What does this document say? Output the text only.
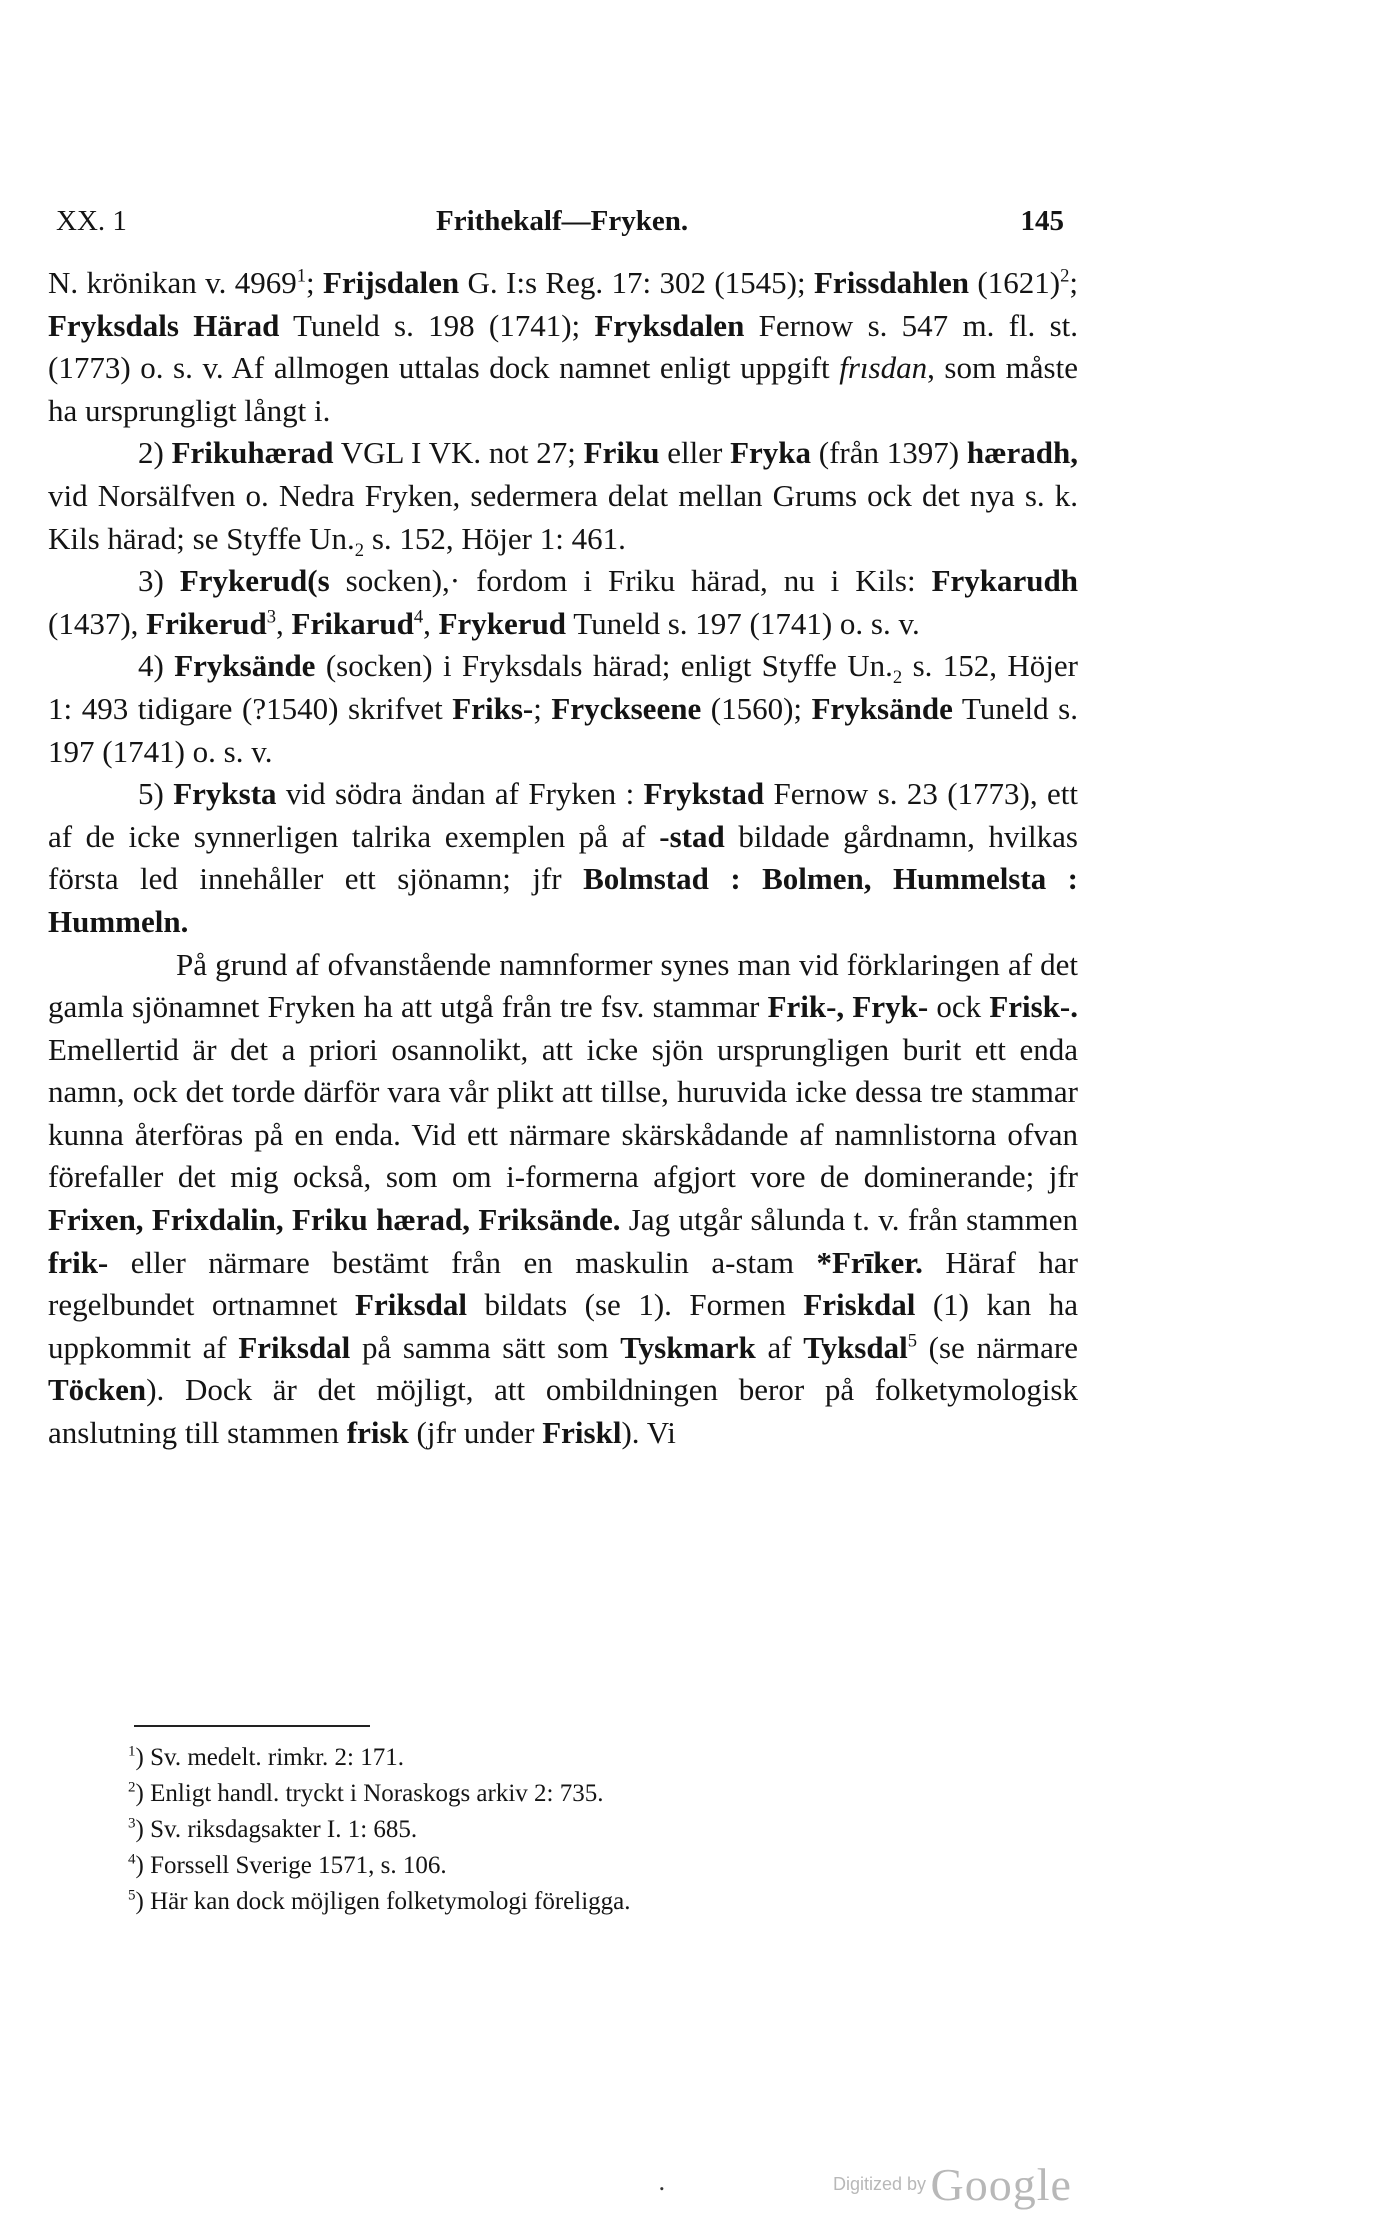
XX. 1	Frithekalf—Fryken.	145

N. krönikan v. 4969$^1$; Frijsdalen G. I:s Reg. 17: 302 (1545); Frissdahlen $(1621)^2$; Fryksdals Härad Tuneld s. 198 (1741); Fryksdalen Fernow s. 547 m. fl. st. (1773) o. s. v. Af allmogen uttalas dock namnet enligt uppgift frısdan, som måste ha ursprungligt långt i.

2) Frikuhærad VGL I VK. not 27; Friku eller Fryka (från 1397) hæradh, vid Norsälfven o. Nedra Fryken, sedermera delat mellan Grums ock det nya s. k. Kils härad; se Styffe $Un._2$ s. 152, Höjer 1: 461.

3) Frykerud(s socken),· fordom i Friku härad, nu i Kils: Frykarudh (1437), Frikerud$^3$, Frikarud$^4$, Frykerud Tuneld s. 197 (1741) o. s. v.

4) Fryksände (socken) i Fryksdals härad; enligt Styffe $Un._2$ s. 152, Höjer 1: 493 tidigare (?1540) skrifvet Friks-; Fryckseene (1560); Fryksände Tuneld s. 197 (1741) o. s. v.

5) Fryksta vid södra ändan af Fryken : Frykstad Fernow s. 23 (1773), ett af de icke synnerligen talrika exemplen på af -stad bildade gårdnamn, hvilkas första led innehåller ett sjönamn; jfr Bolmstad : Bolmen, Hummelsta : Hummeln.

På grund af ofvanstående namnformer synes man vid förklaringen af det gamla sjönamnet Fryken ha att utgå från tre fsv. stammar Frik-, Fryk- ock Frisk-. Emellertid är det a priori osannolikt, att icke sjön ursprungligen burit ett enda namn, ock det torde därför vara vår plikt att tillse, huruvida icke dessa tre stammar kunna återföras på en enda. Vid ett närmare skärskådande af namnlistorna ofvan förefaller det mig också, som om i-formerna afgjort vore de dominerande; jfr Frixen, Frixdalin, Friku hærad, Friksände. Jag utgår sålunda t. v. från stammen frik- eller närmare bestämt från en maskulin a-stam *Frīker. Häraf har regelbundet ortnamnet Friksdal bildats (se 1). Formen Friskdal (1) kan ha uppkommit af Friksdal på samma sätt som Tyskmark af Tyksdal$^5$ (se närmare Töcken). Dock är det möjligt, att ombildningen beror på folketymologisk anslutning till stammen frisk (jfr under Friskl). Vi

$^1$) Sv. medelt. rimkr. 2: 171.

$^2$) Enligt handl. tryckt i Noraskogs arkiv 2: 735.

$^3$) Sv. riksdagsakter I. 1: 685.

$^4$) Forssell Sverige 1571, s. 106.

$^5$) Här kan dock möjligen folketymologi föreligga.

.	Digitized by Google
